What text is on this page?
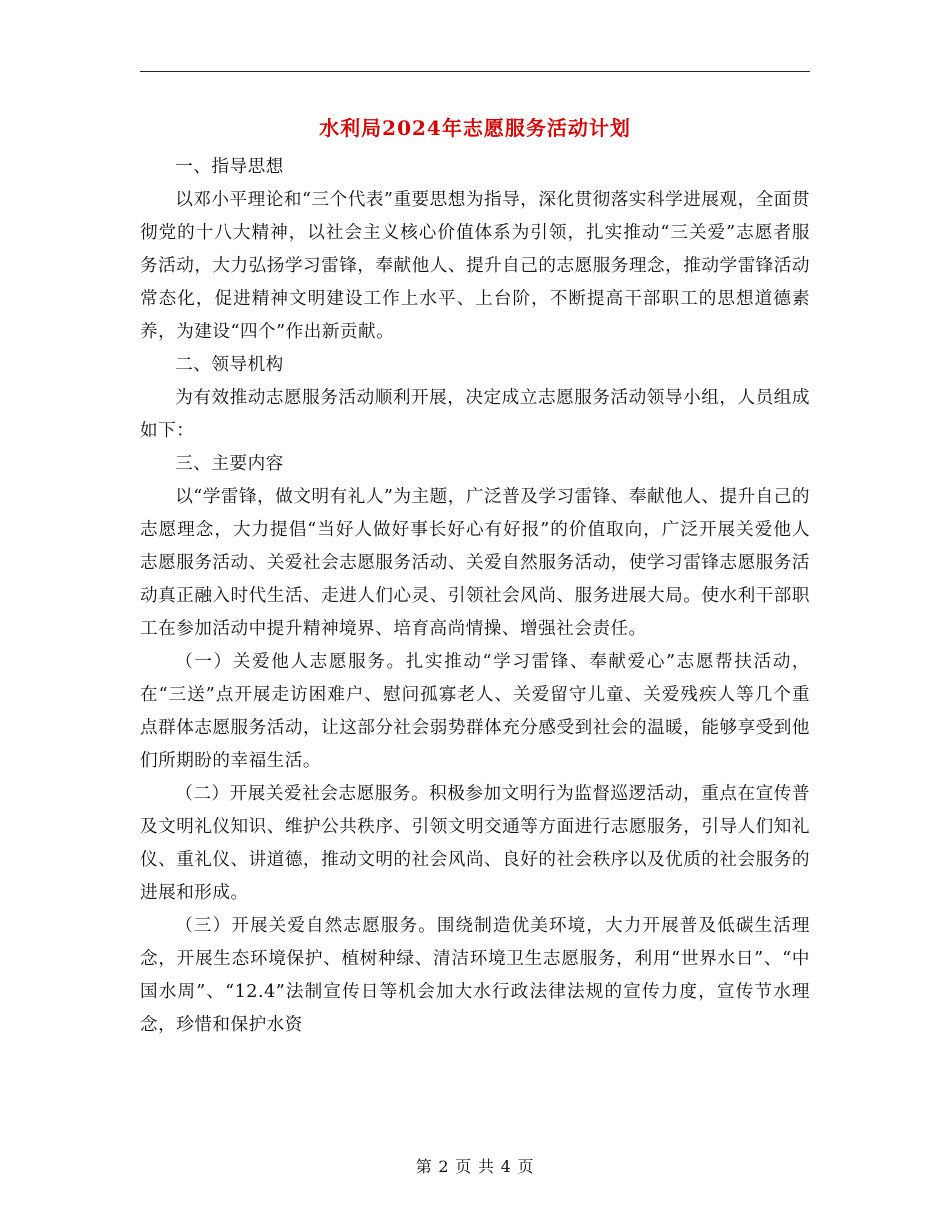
水利局2024年志愿服务活动计划

一、指导思想

以邓小平理论和“三个代表”重要思想为指导，深化贯彻落实科学进展观，全面贯彻党的十八大精神，以社会主义核心价值体系为引领，扎实推动“三关爱”志愿者服务活动，大力弘扬学习雷锋，奉献他人、提升自己的志愿服务理念，推动学雷锋活动常态化，促进精神文明建设工作上水平、上台阶，不断提高干部职工的思想道德素养，为建设“四个”作出新贡献。

二、领导机构

为有效推动志愿服务活动顺利开展，决定成立志愿服务活动领导小组，人员组成如下：

三、主要内容

以“学雷锋，做文明有礼人”为主题，广泛普及学习雷锋、奉献他人、提升自己的志愿理念，大力提倡“当好人做好事长好心有好报”的价值取向，广泛开展关爱他人志愿服务活动、关爱社会志愿服务活动、关爱自然服务活动，使学习雷锋志愿服务活动真正融入时代生活、走进人们心灵、引领社会风尚、服务进展大局。使水利干部职工在参加活动中提升精神境界、培育高尚情操、增强社会责任。

（一）关爱他人志愿服务。扎实推动“学习雷锋、奉献爱心”志愿帮扶活动，在“三送”点开展走访困难户、慰问孤寡老人、关爱留守儿童、关爱残疾人等几个重点群体志愿服务活动，让这部分社会弱势群体充分感受到社会的温暖，能够享受到他们所期盼的幸福生活。

（二）开展关爱社会志愿服务。积极参加文明行为监督巡逻活动，重点在宣传普及文明礼仪知识、维护公共秩序、引领文明交通等方面进行志愿服务，引导人们知礼仪、重礼仪、讲道德，推动文明的社会风尚、良好的社会秩序以及优质的社会服务的进展和形成。

（三）开展关爱自然志愿服务。围绕制造优美环境，大力开展普及低碳生活理念，开展生态环境保护、植树种绿、清洁环境卫生志愿服务，利用“世界水日”、“中国水周”、“12.4”法制宣传日等机会加大水行政法律法规的宣传力度，宣传节水理念，珍惜和保护水资

第 2 页 共 4 页
